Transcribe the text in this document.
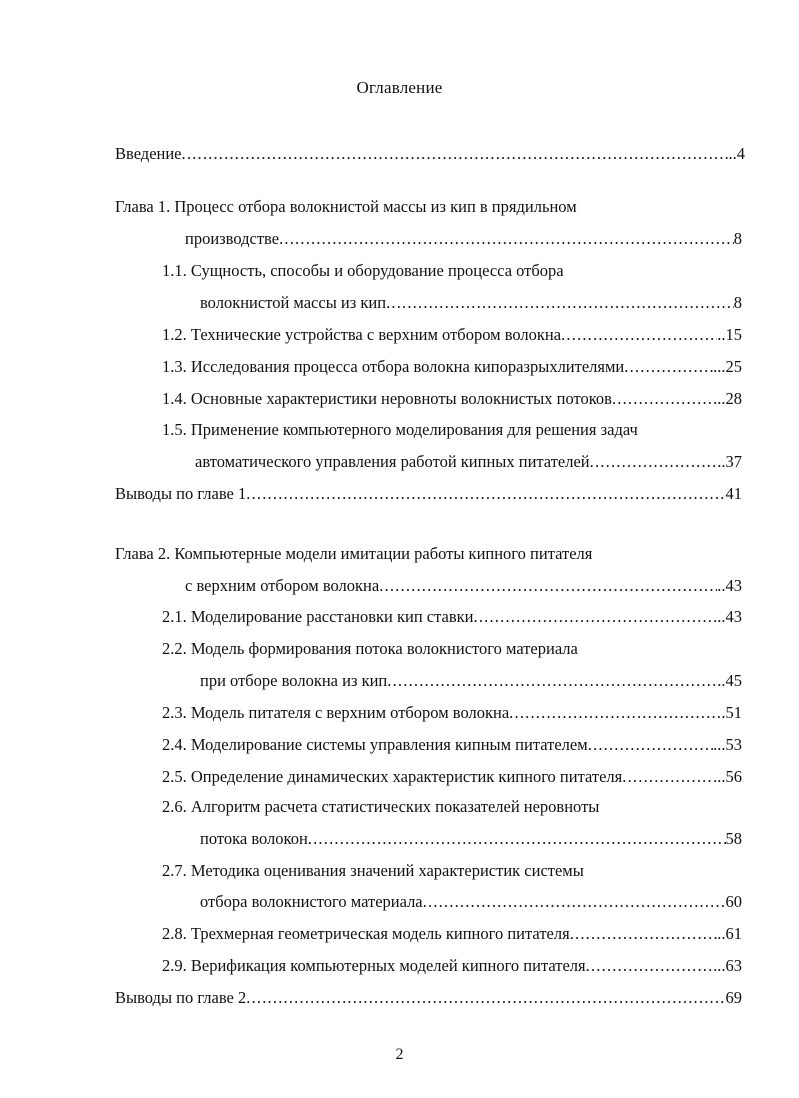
Оглавление
Введение .....	..4
Глава 1. Процесс отбора волокнистой массы из кип в прядильном
производстве .....	8
1.1. Сущность, способы и оборудование процесса отбора
волокнистой массы из кип .....	8
1.2. Технические устройства с верхним отбором волокна .....	..15
1.3. Исследования процесса отбора волокна кипоразрыхлителями .....	...25
1.4. Основные характеристики неровноты волокнистых потоков .....	..28
1.5. Применение компьютерного моделирования для решения задач
автоматического управления работой кипных питателей .....	..37
Выводы по главе 1 .....	41
Глава 2. Компьютерные модели имитации работы кипного питателя
с верхним отбором волокна .....	..43
2.1. Моделирование расстановки кип ставки .....	...43
2.2. Модель формирования потока волокнистого материала
при отборе волокна из кип .....	..45
2.3. Модель питателя с верхним отбором волокна .....	.51
2.4. Моделирование системы управления кипным питателем .....	...53
2.5. Определение динамических характеристик кипного питателя .....	...56
2.6. Алгоритм расчета статистических показателей неровноты
потока волокон .....	58
2.7. Методика оценивания значений характеристик системы
отбора волокнистого материала .....	60
2.8. Трехмерная геометрическая модель кипного питателя .....	..61
2.9. Верификация компьютерных моделей кипного питателя .....	...63
Выводы по главе 2 .....	69
2
